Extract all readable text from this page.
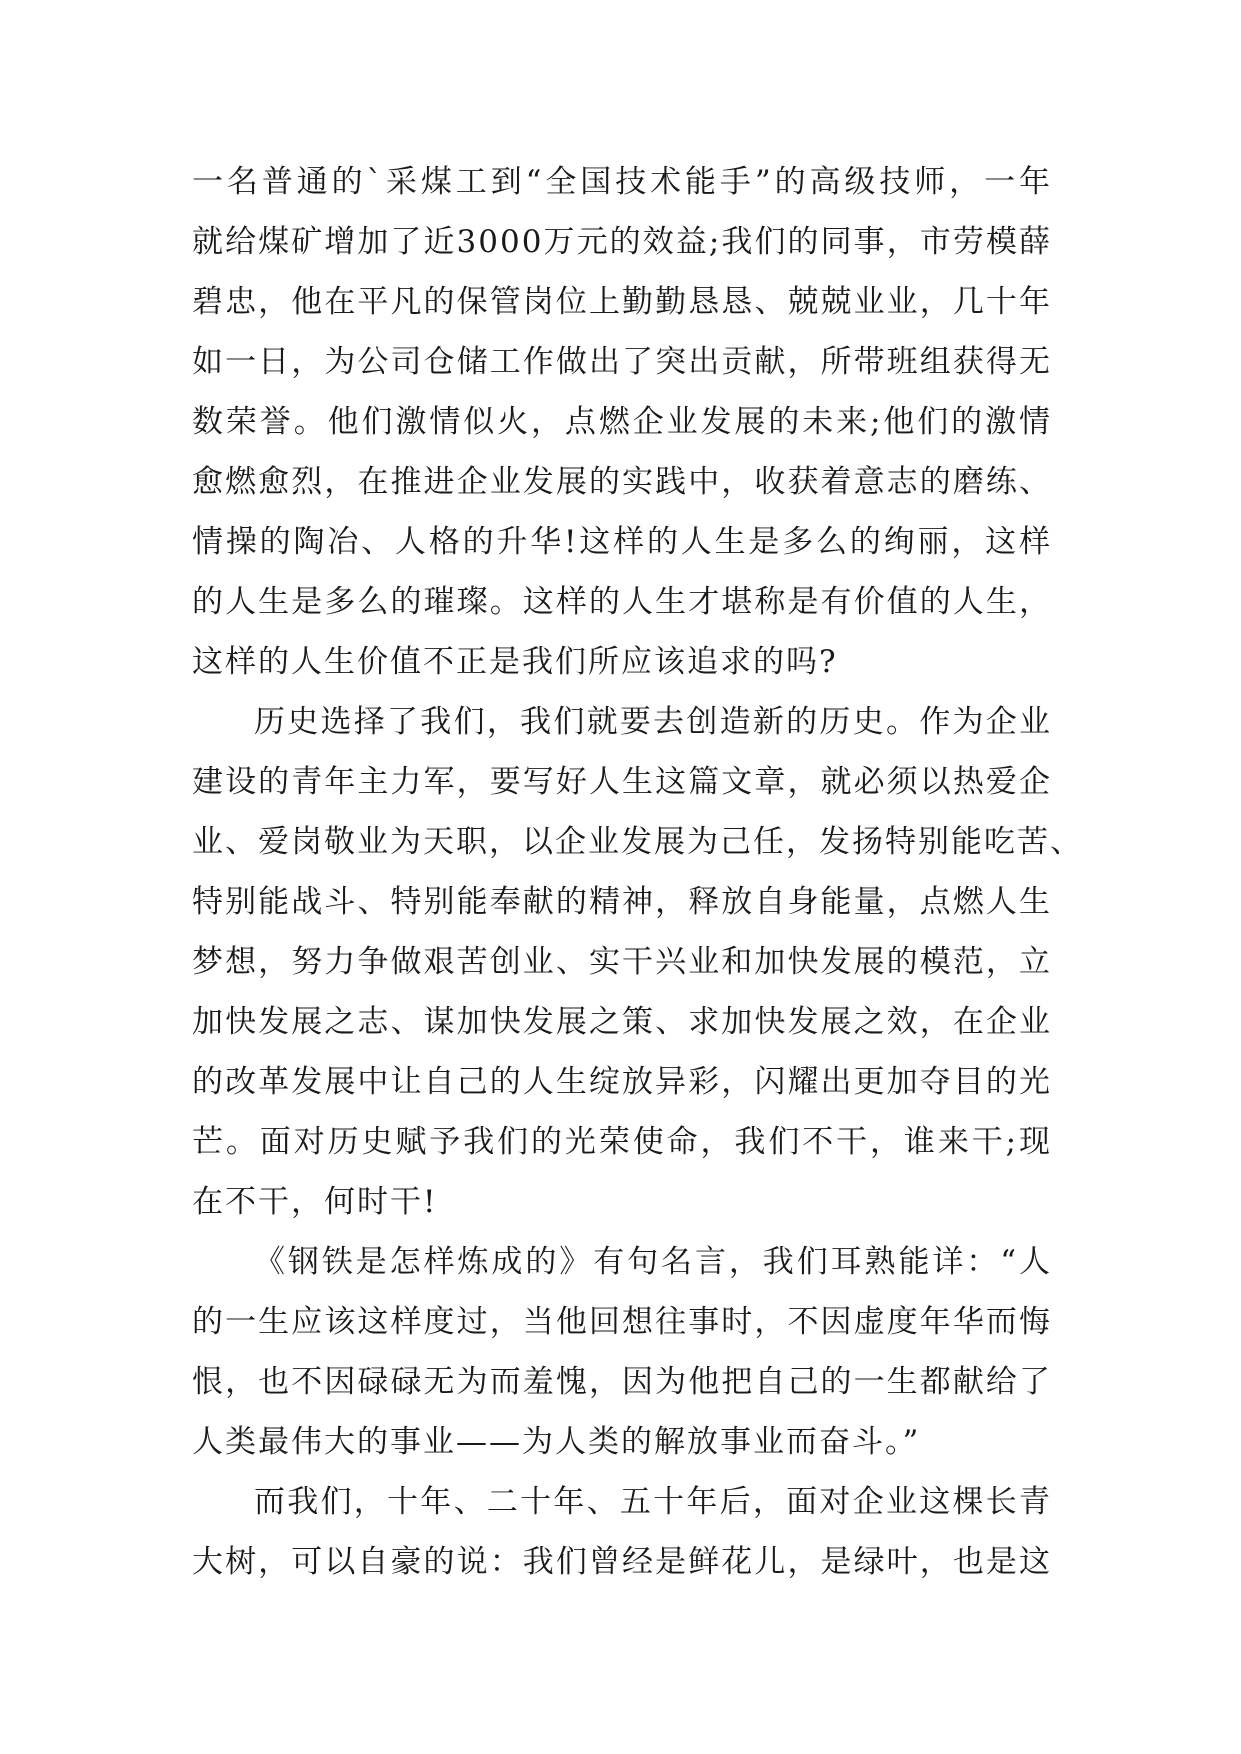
一名普通的`采煤工到“全国技术能手”的高级技师，一年
就给煤矿增加了近3000万元的效益;我们的同事，市劳模薛
碧忠，他在平凡的保管岗位上勤勤恳恳、兢兢业业，几十年
如一日，为公司仓储工作做出了突出贡献，所带班组获得无
数荣誉。他们激情似火，点燃企业发展的未来;他们的激情
愈燃愈烈，在推进企业发展的实践中，收获着意志的磨练、
情操的陶冶、人格的升华!这样的人生是多么的绚丽，这样
的人生是多么的璀璨。这样的人生才堪称是有价值的人生，
这样的人生价值不正是我们所应该追求的吗?
历史选择了我们，我们就要去创造新的历史。作为企业
建设的青年主力军，要写好人生这篇文章，就必须以热爱企
业、爱岗敬业为天职，以企业发展为己任，发扬特别能吃苦、
特别能战斗、特别能奉献的精神，释放自身能量，点燃人生
梦想，努力争做艰苦创业、实干兴业和加快发展的模范，立
加快发展之志、谋加快发展之策、求加快发展之效，在企业
的改革发展中让自己的人生绽放异彩，闪耀出更加夺目的光
芒。面对历史赋予我们的光荣使命，我们不干，谁来干;现
在不干，何时干!
《钢铁是怎样炼成的》有句名言，我们耳熟能详：“人
的一生应该这样度过，当他回想往事时，不因虚度年华而悔
恨，也不因碌碌无为而羞愧，因为他把自己的一生都献给了
人类最伟大的事业——为人类的解放事业而奋斗。”
而我们，十年、二十年、五十年后，面对企业这棵长青
大树，可以自豪的说：我们曾经是鲜花儿，是绿叶，也是这
